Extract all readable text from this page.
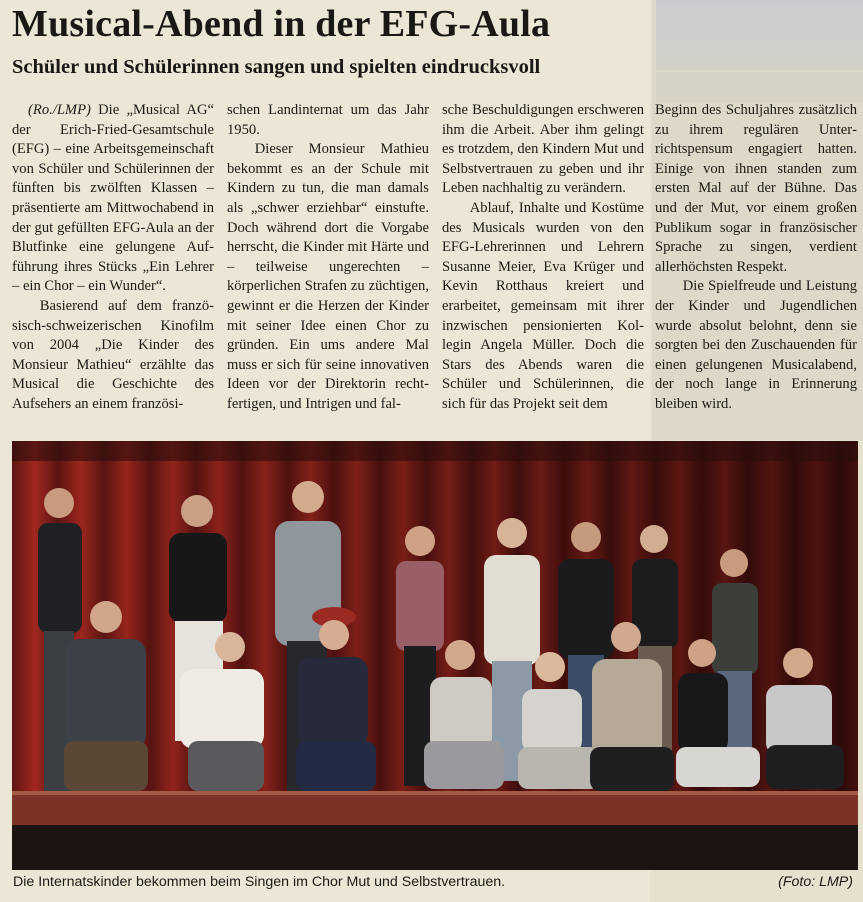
Musical-Abend in der EFG-Aula
Schüler und Schülerinnen sangen und spielten eindrucksvoll

(Ro./LMP) Die „Musical AG“ der Erich-Fried-Gesamtschule (EFG) – eine Arbeitsgemeinschaft von Schüler und Schülerinnen der fünften bis zwölften Klassen – präsentierte am Mittwochabend in der gut gefüllten EFG-Aula an der Blutfinke eine gelungene Aufführung ihres Stücks „Ein Lehrer – ein Chor – ein Wunder“.

Basierend auf dem französisch-schweizerischen Kinofilm von 2004 „Die Kinder des Monsieur Mathieu“ erzählte das Musical die Geschichte des Aufsehers an einem französi-

schen Landinternat um das Jahr 1950.

Dieser Monsieur Mathieu bekommt es an der Schule mit Kindern zu tun, die man damals als „schwer erziehbar“ einstufte. Doch während dort die Vorgabe herrscht, die Kinder mit Härte und – teilweise ungerechten – körperlichen Strafen zu züchtigen, gewinnt er die Herzen der Kinder mit seiner Idee einen Chor zu gründen. Ein ums andere Mal muss er sich für seine innovativen Ideen vor der Direktorin rechtfertigen, und Intrigen und fal-

sche Beschuldigungen erschweren ihm die Arbeit. Aber ihm gelingt es trotzdem, den Kindern Mut und Selbstvertrauen zu geben und ihr Leben nachhaltig zu verändern.

Ablauf, Inhalte und Kostüme des Musicals wurden von den EFG-Lehrerinnen und Lehrern Susanne Meier, Eva Krüger und Kevin Rotthaus kreiert und erarbeitet, gemeinsam mit ihrer inzwischen pensionierten Kollegin Angela Müller. Doch die Stars des Abends waren die Schüler und Schülerinnen, die sich für das Projekt seit dem

Beginn des Schuljahres zusätzlich zu ihrem regulären Unterrichtspensum engagiert hatten. Einige von ihnen standen zum ersten Mal auf der Bühne. Das und der Mut, vor einem großen Publikum sogar in französischer Sprache zu singen, verdient allerhöchsten Respekt.

Die Spielfreude und Leistung der Kinder und Jugendlichen wurde absolut belohnt, denn sie sorgten bei den Zuschauenden für einen gelungenen Musicalabend, der noch lange in Erinnerung bleiben wird.

Die Internatskinder bekommen beim Singen im Chor Mut und Selbstvertrauen.	(Foto: LMP)
